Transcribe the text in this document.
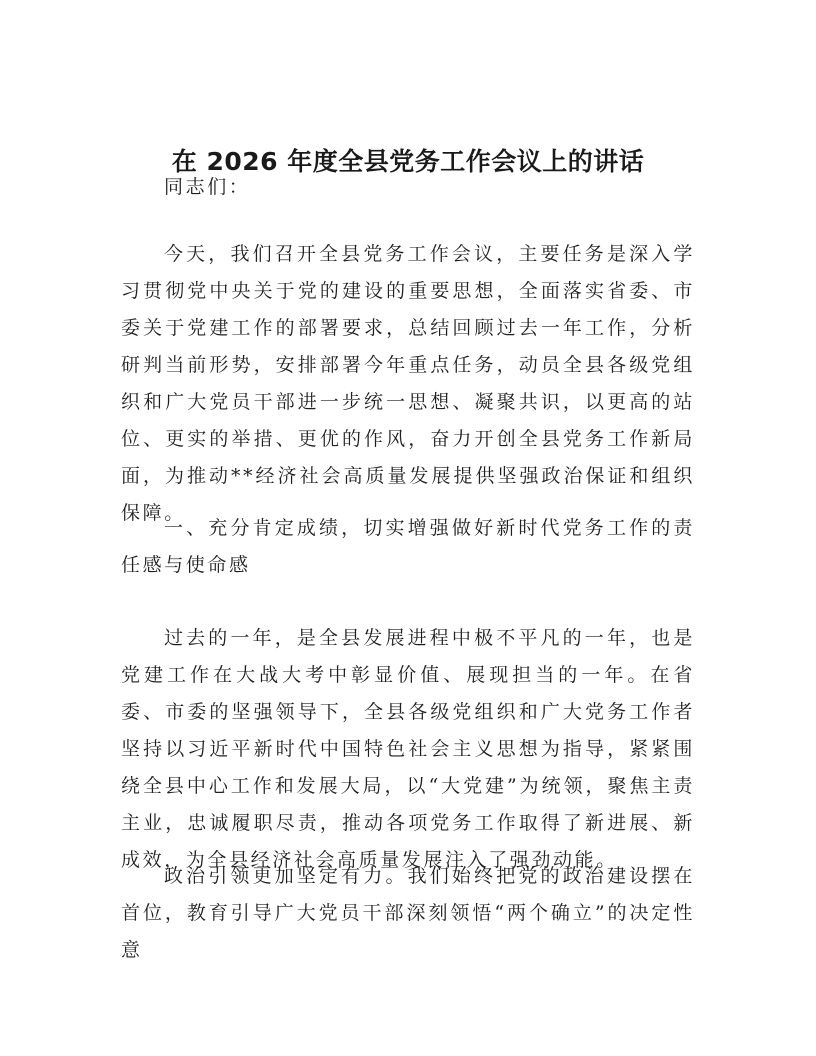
在 2026 年度全县党务工作会议上的讲话

同志们：

今天，我们召开全县党务工作会议，主要任务是深入学习贯彻党中央关于党的建设的重要思想，全面落实省委、市委关于党建工作的部署要求，总结回顾过去一年工作，分析研判当前形势，安排部署今年重点任务，动员全县各级党组织和广大党员干部进一步统一思想、凝聚共识，以更高的站位、更实的举措、更优的作风，奋力开创全县党务工作新局面，为推动**经济社会高质量发展提供坚强政治保证和组织保障。

一、充分肯定成绩，切实增强做好新时代党务工作的责任感与使命感

过去的一年，是全县发展进程中极不平凡的一年，也是党建工作在大战大考中彰显价值、展现担当的一年。在省委、市委的坚强领导下，全县各级党组织和广大党务工作者坚持以习近平新时代中国特色社会主义思想为指导，紧紧围绕全县中心工作和发展大局，以“大党建”为统领，聚焦主责主业，忠诚履职尽责，推动各项党务工作取得了新进展、新成效，为全县经济社会高质量发展注入了强劲动能。

政治引领更加坚定有力。我们始终把党的政治建设摆在首位，教育引导广大党员干部深刻领悟“两个确立”的决定性意
